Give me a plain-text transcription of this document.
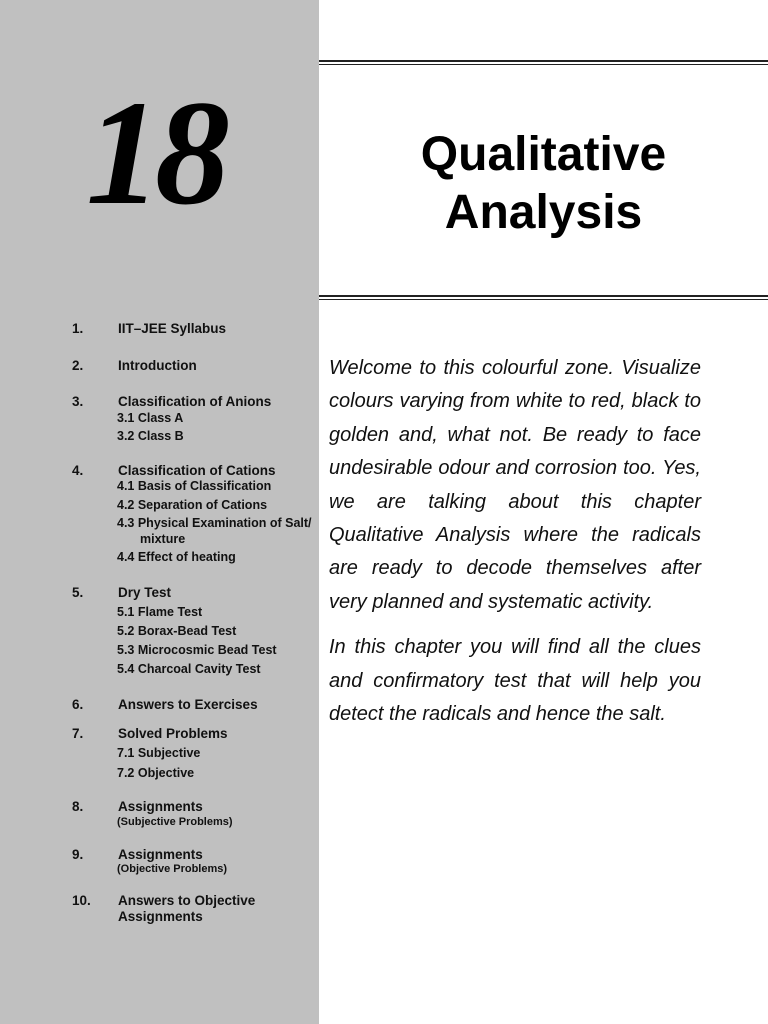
18	Qualitative
Analysis
1.	IIT–JEE Syllabus
2.	Introduction
3.	Classification of Anions
3.1 Class A
3.2 Class B
4.	Classification of Cations
4.1 Basis of Classification
4.2 Separation of Cations
4.3 Physical Examination of Salt/
mixture
4.4 Effect of heating
5.	Dry Test
5.1 Flame Test
5.2 Borax-Bead Test
5.3 Microcosmic Bead Test
5.4 Charcoal Cavity Test
6.	Answers to Exercises
7.	Solved Problems
7.1 Subjective
7.2 Objective
8.	Assignments
(Subjective Problems)
9.	Assignments
(Objective Problems)
10. Answers to Objective
Assignments

Welcome to this colourful zone. Visualize colours varying from white to red, black to golden and, what not. Be ready to face undesirable odour and corrosion too. Yes, we are talking about this chapter Qualitative Analysis where the radicals are ready to decode themselves after very planned and systematic activity.

In this chapter you will find all the clues and confirmatory test that will help you detect the radicals and hence the salt.
